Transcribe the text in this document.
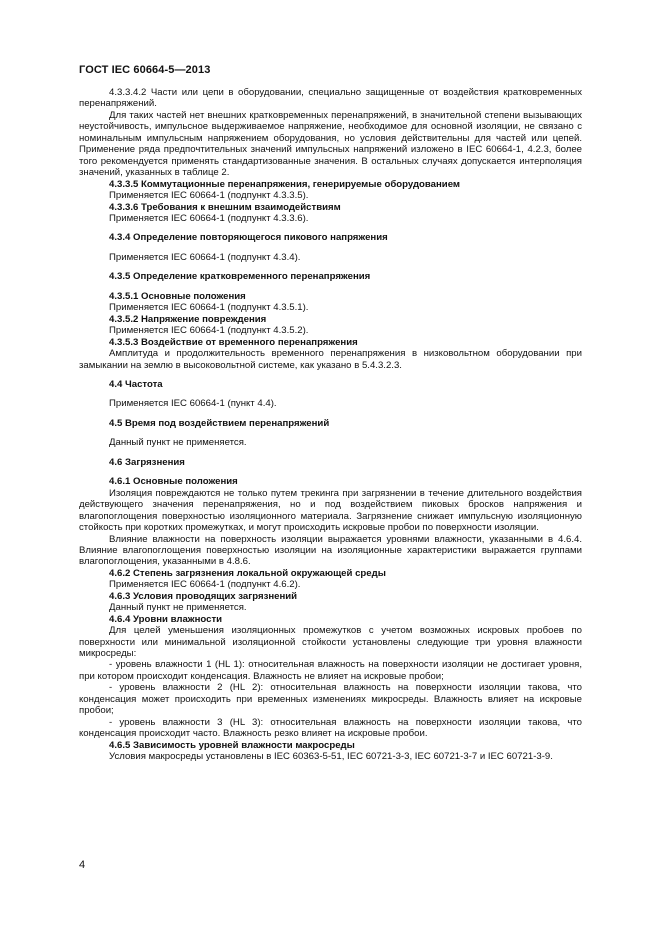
ГОСТ IEC 60664-5—2013

4.3.3.4.2 Части или цепи в оборудовании, специально защищенные от воздействия кратковременных перенапряжений.

Для таких частей нет внешних кратковременных перенапряжений, в значительной степени вызывающих неустойчивость, импульсное выдерживаемое напряжение, необходимое для основной изоляции, не связано с номинальным импульсным напряжением оборудования, но условия действительны для частей или цепей. Применение ряда предпочтительных значений импульсных напряжений изложено в IEC 60664-1, 4.2.3, более того рекомендуется применять стандартизованные значения. В остальных случаях допускается интерполяция значений, указанных в таблице 2.

4.3.3.5 Коммутационные перенапряжения, генерируемые оборудованием

Применяется IEC 60664-1 (подпункт 4.3.3.5).

4.3.3.6 Требования к внешним взаимодействиям

Применяется IEC 60664-1 (подпункт 4.3.3.6).

4.3.4 Определение повторяющегося пикового напряжения

Применяется IEC 60664-1 (подпункт 4.3.4).

4.3.5 Определение кратковременного перенапряжения

4.3.5.1 Основные положения

Применяется IEC 60664-1 (подпункт 4.3.5.1).

4.3.5.2 Напряжение повреждения

Применяется IEC 60664-1 (подпункт 4.3.5.2).

4.3.5.3 Воздействие от временного перенапряжения

Амплитуда и продолжительность временного перенапряжения в низковольтном оборудовании при замыкании на землю в высоковольтной системе, как указано в 5.4.3.2.3.

4.4 Частота

Применяется IEC 60664-1 (пункт 4.4).

4.5 Время под воздействием перенапряжений

Данный пункт не применяется.

4.6 Загрязнения

4.6.1 Основные положения

Изоляция повреждаются не только путем трекинга при загрязнении в течение длительного воздействия действующего значения перенапряжения, но и под воздействием пиковых бросков напряжения и влагопоглощения поверхностью изоляционного материала. Загрязнение снижает импульсную изоляционную стойкость при коротких промежутках, и могут происходить искровые пробои по поверхности изоляции.

Влияние влажности на поверхность изоляции выражается уровнями влажности, указанными в 4.6.4. Влияние влагопоглощения поверхностью изоляции на изоляционные характеристики выражается группами влагопоглощения, указанными в 4.8.6.

4.6.2 Степень загрязнения локальной окружающей среды

Применяется IEC 60664-1 (подпункт 4.6.2).

4.6.3 Условия проводящих загрязнений

Данный пункт не применяется.

4.6.4 Уровни влажности

Для целей уменьшения изоляционных промежутков с учетом возможных искровых пробоев по поверхности или минимальной изоляционной стойкости установлены следующие три уровня влажности микросреды:

- уровень влажности 1 (HL 1): относительная влажность на поверхности изоляции не достигает уровня, при котором происходит конденсация. Влажность не влияет на искровые пробои;

- уровень влажности 2 (HL 2): относительная влажность на поверхности изоляции такова, что конденсация может происходить при временных изменениях микросреды. Влажность влияет на искровые пробои;

- уровень влажности 3 (HL 3): относительная влажность на поверхности изоляции такова, что конденсация происходит часто. Влажность резко влияет на искровые пробои.

4.6.5 Зависимость уровней влажности макросреды

Условия макросреды установлены в IEC 60363-5-51, IEC 60721-3-3, IEC 60721-3-7 и IEC 60721-3-9.

4
